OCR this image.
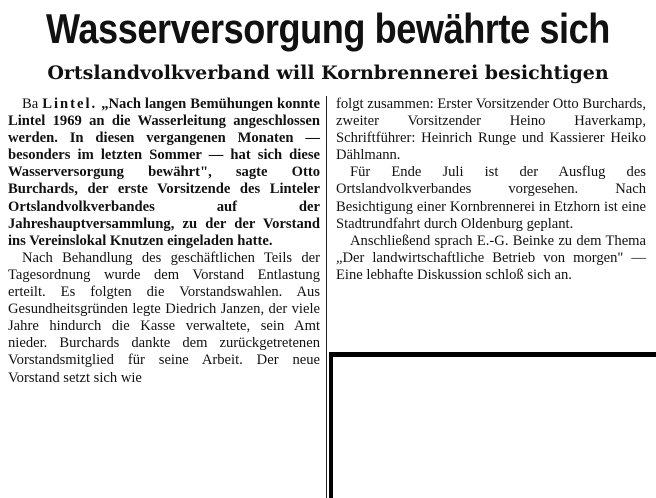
Wasserversorgung bewährte sich
Ortslandvolkverband will Kornbrennerei besichtigen

Ba Lintel. „Nach langen Bemühungen konnte Lintel 1969 an die Wasserleitung angeschlossen werden. In diesen vergangenen Monaten — besonders im letzten Sommer — hat sich diese Wasserversorgung bewährt", sagte Otto Burchards, der erste Vorsitzende des Linteler Ortslandvolkverbandes auf der Jahreshauptversammlung, zu der der Vorstand ins Vereinslokal Knutzen eingeladen hatte.

Nach Behandlung des geschäftlichen Teils der Tagesordnung wurde dem Vorstand Entlastung erteilt. Es folgten die Vorstandswahlen. Aus Gesundheitsgründen legte Diedrich Janzen, der viele Jahre hindurch die Kasse verwaltete, sein Amt nieder. Burchards dankte dem zurückgetretenen Vorstandsmitglied für seine Arbeit. Der neue Vorstand setzt sich wie

folgt zusammen: Erster Vorsitzender Otto Burchards, zweiter Vorsitzender Heino Haverkamp, Schriftführer: Heinrich Runge und Kassierer Heiko Dählmann.

Für Ende Juli ist der Ausflug des Ortslandvolkverbandes vorgesehen. Nach Besichtigung einer Kornbrennerei in Etzhorn ist eine Stadtrundfahrt durch Oldenburg geplant.

Anschließend sprach E.-G. Beinke zu dem Thema „Der landwirtschaftliche Betrieb von morgen" — Eine lebhafte Diskussion schloß sich an.
